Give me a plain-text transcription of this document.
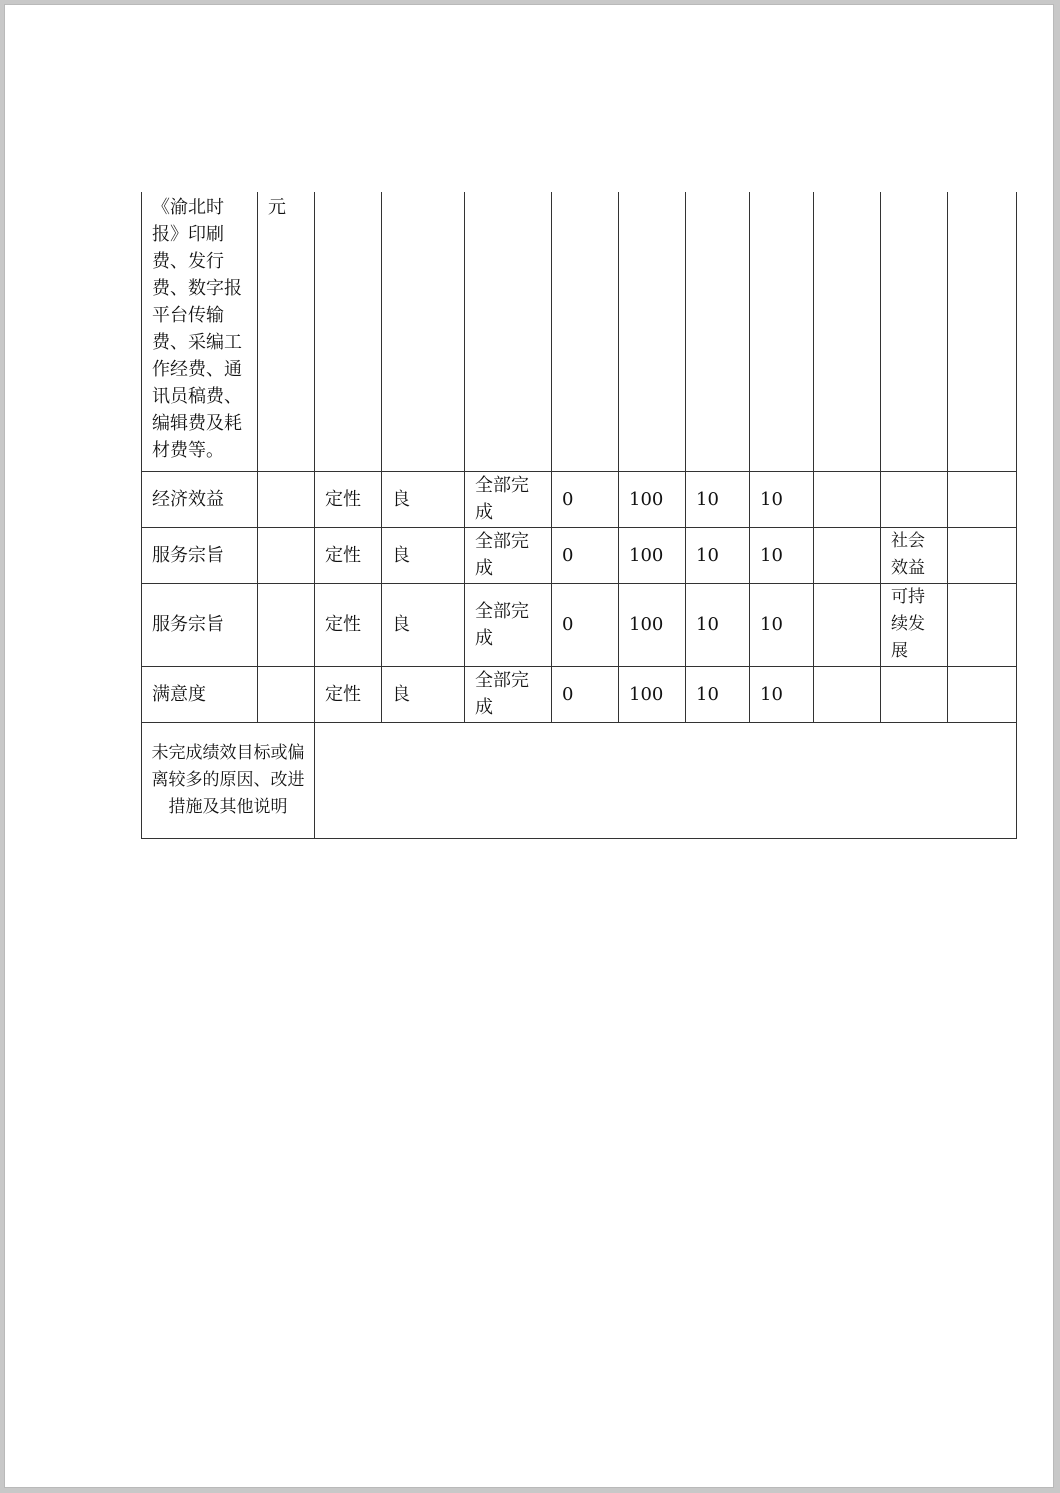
《渝北时报》印刷费、发行费、数字报平台传输费、采编工作经费、通讯员稿费、编辑费及耗材费等。	元										
经济效益		定性	良	全部完成	0	100	10	10			
服务宗旨		定性	良	全部完成	0	100	10	10		社会效益	
服务宗旨		定性	良	全部完成	0	100	10	10		可持续发展	
满意度		定性	良	全部完成	0	100	10	10			
未完成绩效目标或偏离较多的原因、改进措施及其他说明											
